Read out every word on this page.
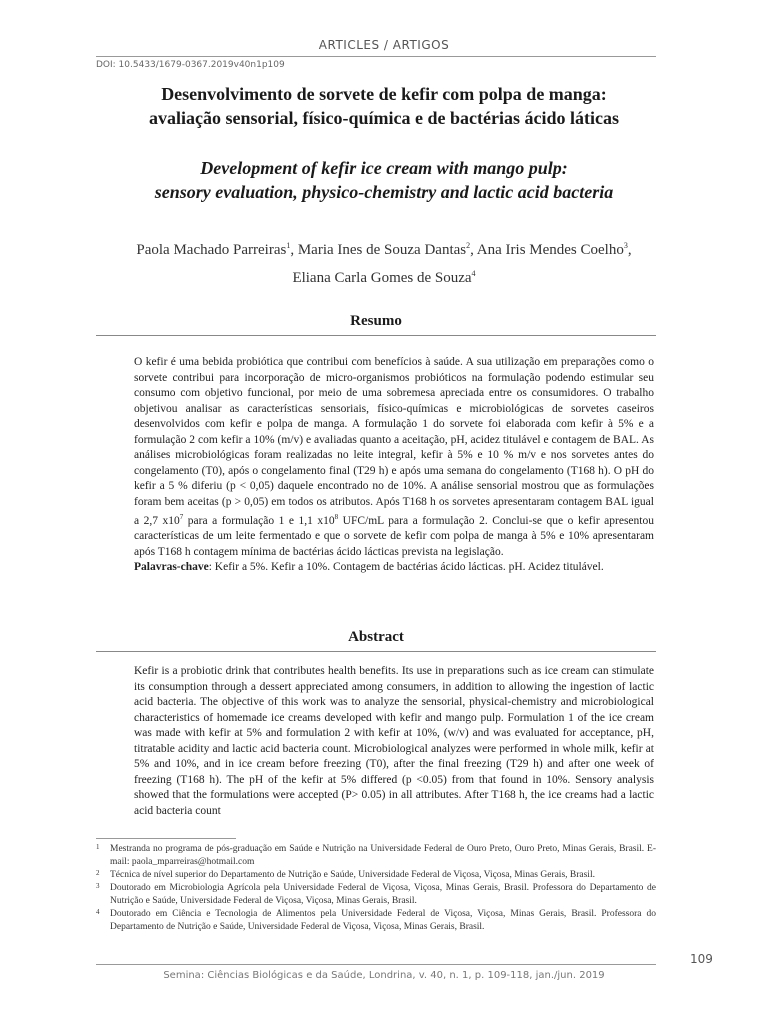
ARTICLES / ARTIGOS
DOI: 10.5433/1679-0367.2019v40n1p109
Desenvolvimento de sorvete de kefir com polpa de manga:
avaliação sensorial, físico-química e de bactérias ácido láticas
Development of kefir ice cream with mango pulp:
sensory evaluation, physico-chemistry and lactic acid bacteria
Paola Machado Parreiras$^1$, Maria Ines de Souza Dantas$^2$, Ana Iris Mendes Coelho$^3$,
Eliana Carla Gomes de Souza$^4$
Resumo

O kefir é uma bebida probiótica que contribui com benefícios à saúde. A sua utilização em preparações como o sorvete contribui para incorporação de micro-organismos probióticos na formulação podendo estimular seu consumo com objetivo funcional, por meio de uma sobremesa apreciada entre os consumidores. O trabalho objetivou analisar as características sensoriais, físico-químicas e microbiológicas de sorvetes caseiros desenvolvidos com kefir e polpa de manga. A formulação 1 do sorvete foi elaborada com kefir à 5% e a formulação 2 com kefir a 10% (m/v) e avaliadas quanto a aceitação, pH, acidez titulável e contagem de BAL. As análises microbiológicas foram realizadas no leite integral, kefir à 5% e 10 % m/v e nos sorvetes antes do congelamento (T0), após o congelamento final (T29 h) e após uma semana do congelamento (T168 h). O pH do kefir a 5 % diferiu (p < 0,05) daquele encontrado no de 10%. A análise sensorial mostrou que as formulações foram bem aceitas (p > 0,05) em todos os atributos. Após T168 h os sorvetes apresentaram contagem BAL igual a 2,7 $x10^7$ para a formulação 1 e 1,1 $x10^8$ UFC/mL para a formulação 2. Conclui-se que o kefir apresentou características de um leite fermentado e que o sorvete de kefir com polpa de manga à 5% e 10% apresentaram após T168 h contagem mínima de bactérias ácido lácticas prevista na legislação.

Palavras-chave: Kefir a 5%. Kefir a 10%. Contagem de bactérias ácido lácticas. pH. Acidez titulável.

Abstract

Kefir is a probiotic drink that contributes health benefits. Its use in preparations such as ice cream can stimulate its consumption through a dessert appreciated among consumers, in addition to allowing the ingestion of lactic acid bacteria. The objective of this work was to analyze the sensorial, physical-chemistry and microbiological characteristics of homemade ice creams developed with kefir and mango pulp. Formulation 1 of the ice cream was made with kefir at 5% and formulation 2 with kefir at 10%, (w/v) and was evaluated for acceptance, pH, titratable acidity and lactic acid bacteria count. Microbiological analyzes were performed in whole milk, kefir at 5% and 10%, and in ice cream before freezing (T0), after the final freezing (T29 h) and after one week of freezing (T168 h). The pH of the kefir at 5% differed (p <0.05) from that found in 10%. Sensory analysis showed that the formulations were accepted (P> 0.05) in all attributes. After T168 h, the ice creams had a lactic acid bacteria count

1	Mestranda no programa de pós-graduação em Saúde e Nutrição na Universidade Federal de Ouro Preto, Ouro Preto, Minas Gerais, Brasil. E-mail: paola_mparreiras@hotmail.com
2	Técnica de nível superior do Departamento de Nutrição e Saúde, Universidade Federal de Viçosa, Viçosa, Minas Gerais, Brasil.
3	Doutorado em Microbiologia Agrícola pela Universidade Federal de Viçosa, Viçosa, Minas Gerais, Brasil. Professora do Departamento de Nutrição e Saúde, Universidade Federal de Viçosa, Viçosa, Minas Gerais, Brasil.
4	Doutorado em Ciência e Tecnologia de Alimentos pela Universidade Federal de Viçosa, Viçosa, Minas Gerais, Brasil. Professora do Departamento de Nutrição e Saúde, Universidade Federal de Viçosa, Viçosa, Minas Gerais, Brasil.
109
Semina: Ciências Biológicas e da Saúde, Londrina, v. 40, n. 1, p. 109-118, jan./jun. 2019
